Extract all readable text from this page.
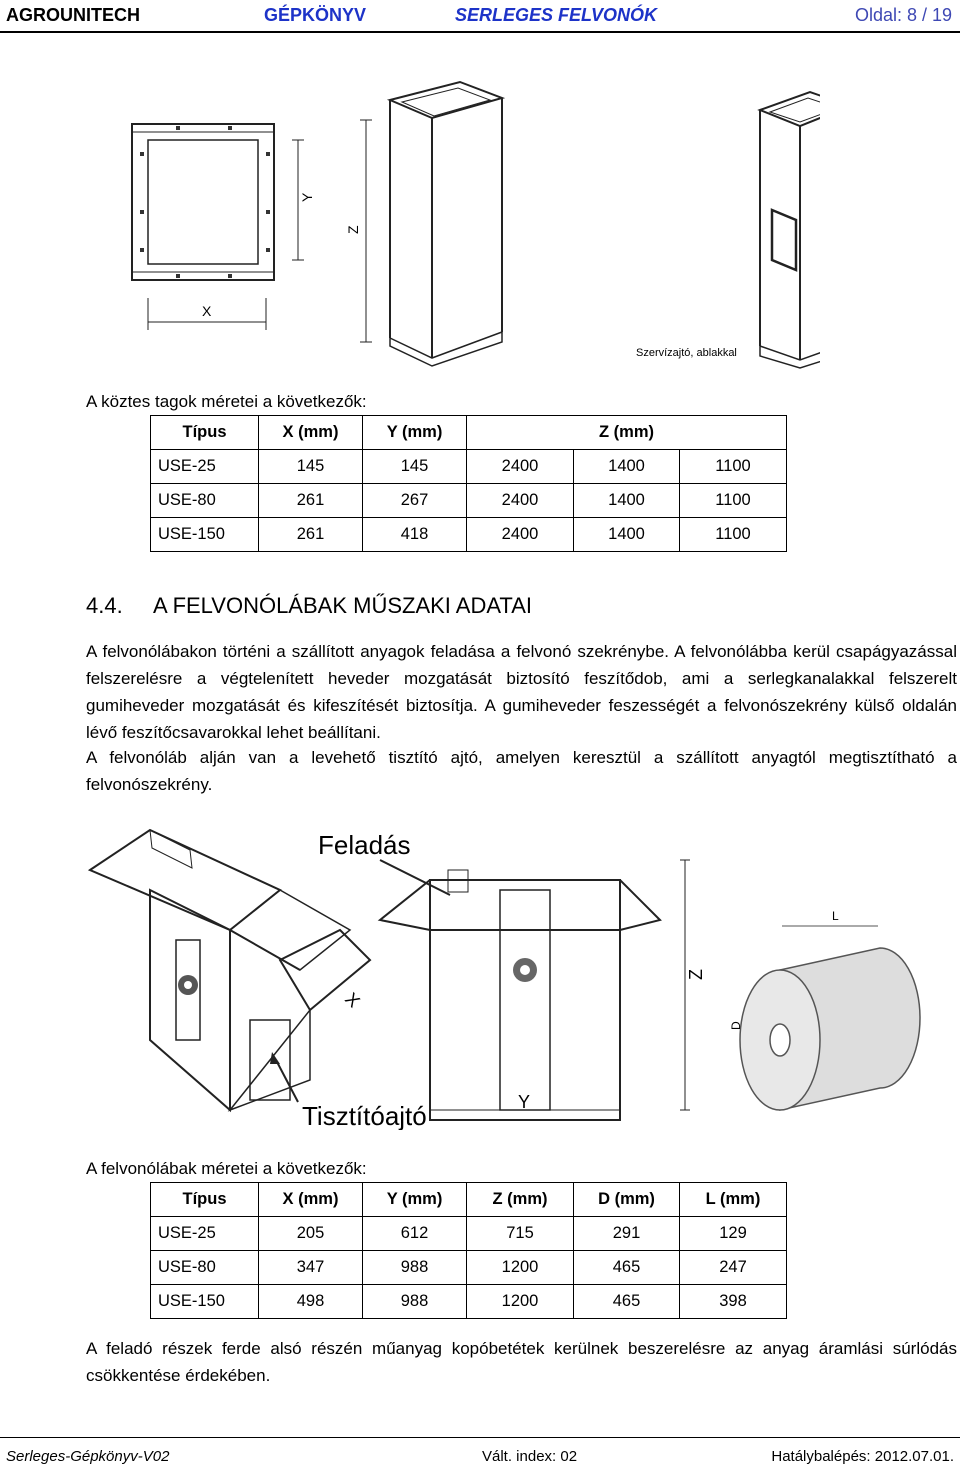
AGROUNITECH	GÉPKÖNYV	SERLEGES FELVONÓK	Oldal: 8 / 19
Y
X
Z
Szervízajtó, ablakkal
A köztes tagok méretei a következők:
Típus	X (mm)	Y (mm)	Z (mm)		
USE-25	145	145	2400	1400	1100
USE-80	261	267	2400	1400	1100
USE-150	261	418	2400	1400	1100
4.4. A FELVONÓLÁBAK MŰSZAKI ADATAI
A felvonólábakon történi a szállított anyagok feladása a felvonó szekrénybe. A felvonólábba kerül csapágyazással felszerelésre a végtelenített heveder mozgatását biztosító feszítődob, ami a serlegkanalakkal felszerelt gumiheveder mozgatását és kifeszítését biztosítja. A gumiheveder feszességét a felvonószekrény külső oldalán lévő feszítőcsavarokkal lehet beállítani.
A felvonóláb alján van a levehető tisztító ajtó, amelyen keresztül a szállított anyagtól megtisztítható a felvonószekrény.
X
Tisztítóajtó
Feladás
Y
Z
L
D
A felvonólábak méretei a következők:
Típus	X (mm)	Y (mm)	Z (mm)	D (mm)	L (mm)
USE-25	205	612	715	291	129
USE-80	347	988	1200	465	247
USE-150	498	988	1200	465	398
A feladó részek ferde alsó részén műanyag kopóbetétek kerülnek beszerelésre az anyag áramlási súrlódás csökkentése érdekében.
Serleges-Gépkönyv-V02	Vált. index: 02	Hatálybalépés: 2012.07.01.
